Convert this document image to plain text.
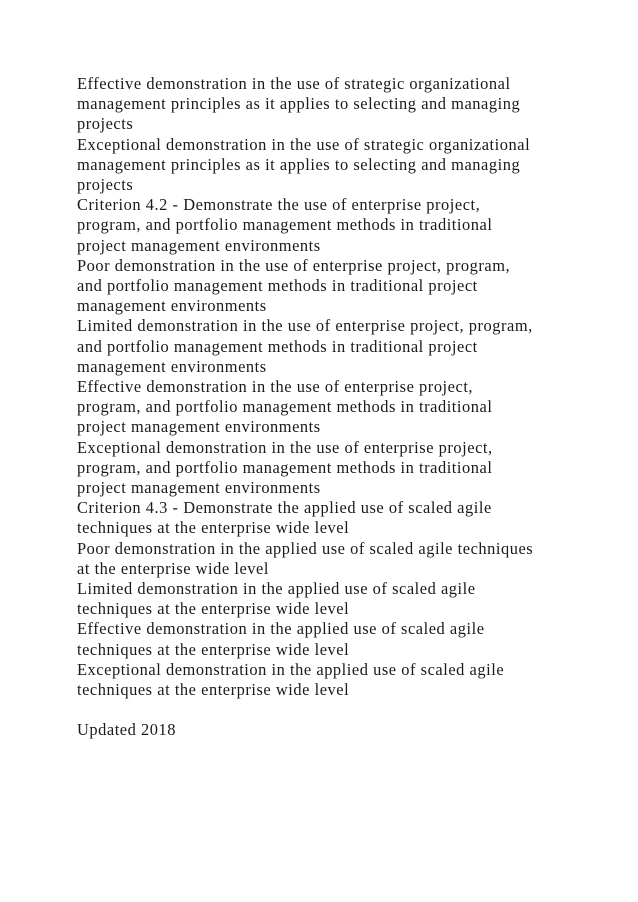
Effective demonstration in the use of strategic organizational
management principles as it applies to selecting and managing
projects

Exceptional demonstration in the use of strategic organizational
management principles as it applies to selecting and managing
projects

Criterion 4.2 - Demonstrate the use of enterprise project,
program, and portfolio management methods in traditional
project management environments

Poor demonstration in the use of enterprise project, program,
and portfolio management methods in traditional project
management environments

Limited demonstration in the use of enterprise project, program,
and portfolio management methods in traditional project
management environments

Effective demonstration in the use of enterprise project,
program, and portfolio management methods in traditional
project management environments

Exceptional demonstration in the use of enterprise project,
program, and portfolio management methods in traditional
project management environments

Criterion 4.3 - Demonstrate the applied use of scaled agile
techniques at the enterprise wide level

Poor demonstration in the applied use of scaled agile techniques
at the enterprise wide level

Limited demonstration in the applied use of scaled agile
techniques at the enterprise wide level

Effective demonstration in the applied use of scaled agile
techniques at the enterprise wide level

Exceptional demonstration in the applied use of scaled agile
techniques at the enterprise wide level

Updated 2018
